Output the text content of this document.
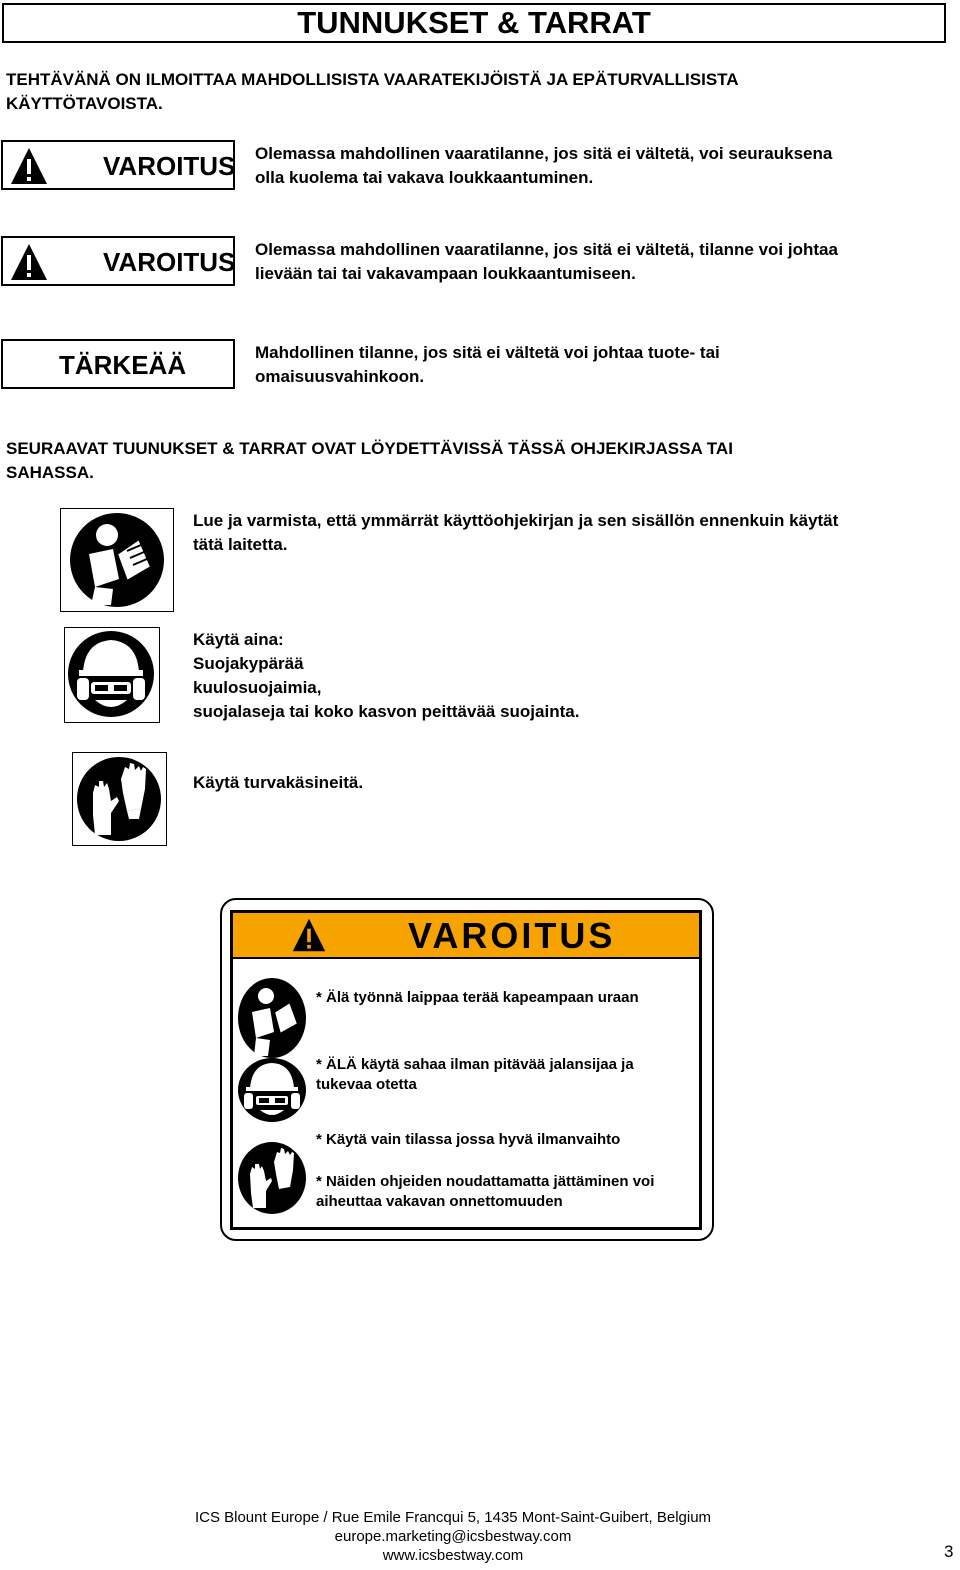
TUNNUKSET & TARRAT
TEHTÄVÄNÄ ON ILMOITTAA MAHDOLLISISTA VAARATEKIJÖISTÄ JA EPÄTURVALLISISTA
KÄYTTÖTAVOISTA.
VAROITUS Olemassa mahdollinen vaaratilanne, jos sitä ei vältetä, voi seurauksena
olla kuolema tai vakava loukkaantuminen.
VAROITUS Olemassa mahdollinen vaaratilanne, jos sitä ei vältetä, tilanne voi johtaa
lievään tai tai vakavampaan loukkaantumiseen.
TÄRKEÄÄ	Mahdollinen tilanne, jos sitä ei vältetä voi johtaa tuote- tai
omaisuusvahinkoon.
SEURAAVAT TUUNUKSET & TARRAT OVAT LÖYDETTÄVISSÄ TÄSSÄ OHJEKIRJASSA TAI
SAHASSA.
Lue ja varmista, että ymmärrät käyttöohjekirjan ja sen sisällön ennenkuin käytät
tätä laitetta.
Käytä aina:
Suojakypärää
kuulosuojaimia,
suojalaseja tai koko kasvon peittävää suojainta.
Käytä turvakäsineitä.
VAROITUS
* Älä työnnä laippaa terää kapeampaan uraan
* ÄLÄ käytä sahaa ilman pitävää jalansijaa ja
tukevaa otetta
* Käytä vain tilassa jossa hyvä ilmanvaihto
* Näiden ohjeiden noudattamatta jättäminen voi
aiheuttaa vakavan onnettomuuden
ICS Blount Europe / Rue Emile Francqui 5, 1435 Mont-Saint-Guibert, Belgium
europe.marketing@icsbestway.com
www.icsbestway.com	3
